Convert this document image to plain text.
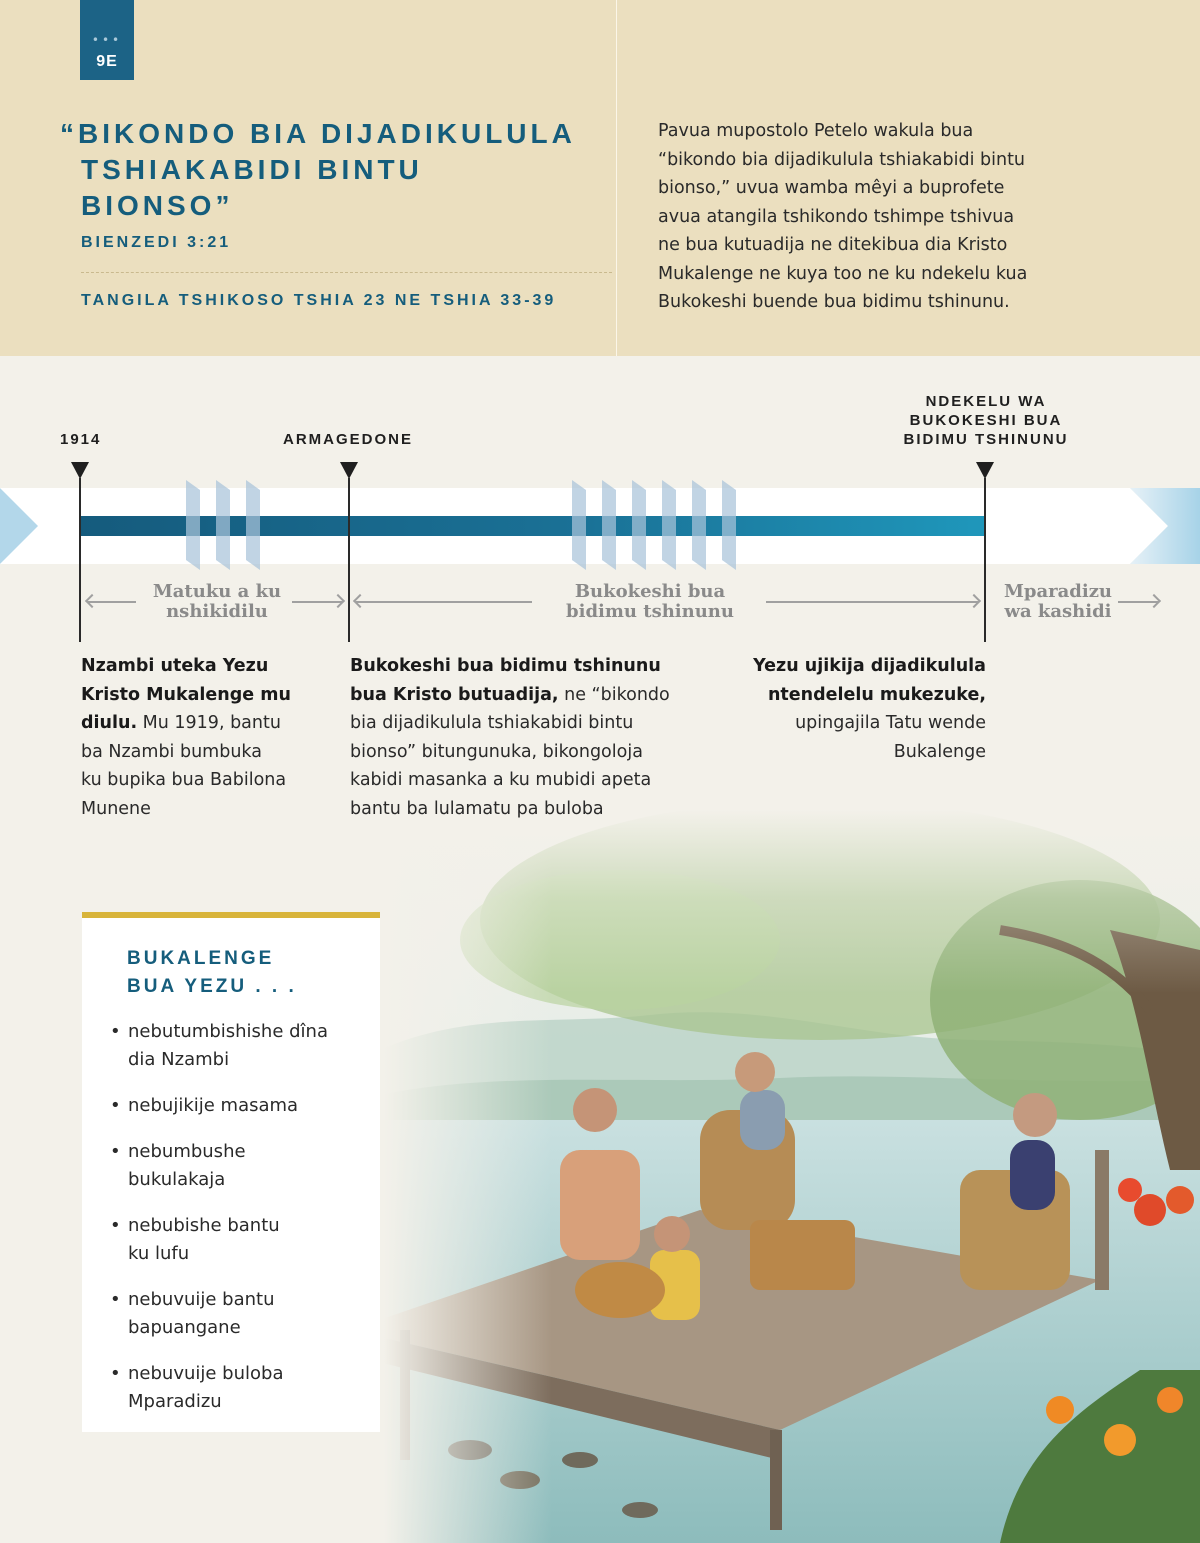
•••
9E
“BIKONDO BIA DIJADIKULULA
TSHIAKABIDI BINTU
BIONSO”
BIENZEDI 3:21
TANGILA TSHIKOSO TSHIA 23 NE TSHIA 33-39

Pavua mupostolo Petelo wakula bua

“bikondo bia dijadikulula tshiakabidi bintu

bionso,” uvua wamba mêyi a buprofete

avua atangila tshikondo tshimpe tshivua

ne bua kutuadija ne ditekibua dia Kristo

Mukalenge ne kuya too ne ku ndekelu kua

Bukokeshi buende bua bidimu tshinunu.

1914	ARMAGEDONE
NDEKELU WA
BUKOKESHI BUA
BIDIMU TSHINUNU
Matuku a ku
nshikidilu
Bukokeshi bua
bidimu tshinunu
Mparadizu
wa kashidi

Nzambi uteka Yezu

Kristo Mukalenge mu

diulu. Mu 1919, bantu

ba Nzambi bumbuka

ku bupika bua Babilona

Munene

Bukokeshi bua bidimu tshinunu

bua Kristo butuadija, ne “bikondo

bia dijadikulula tshiakabidi bintu

bionso” bitungunuka, bikongoloja

kabidi masanka a ku mubidi apeta

bantu ba lulamatu pa buloba

Yezu ujikija dijadikulula

ntendelelu mukezuke,

upingajila Tatu wende

Bukalenge

BUKALENGE
BUA YEZU . . .
• nebutumbishishe dîna
dia Nzambi
• nebujikije masama
• nebumbushe
bukulakaja
• nebubishe bantu
ku lufu
• nebuvuije bantu
bapuangane
• nebuvuije buloba
Mparadizu
